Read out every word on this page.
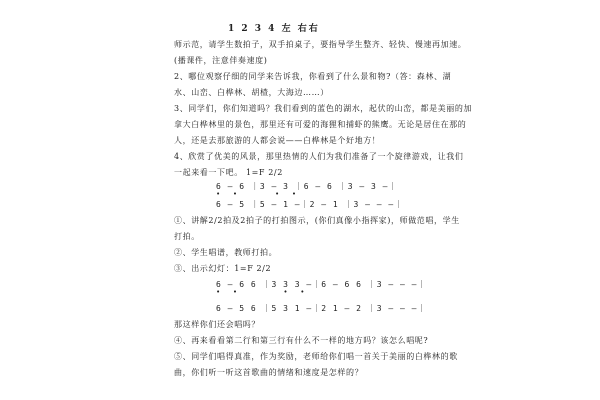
1 2 3 4 左 右右
师示范，请学生数拍子，双手拍桌子，要指导学生整齐、轻快、慢速再加速。
(播课件，注意伴奏速度)
2、哪位观察仔细的同学来告诉我，你看到了什么景和物?（答：森林、湖
水、山峦、白桦林、胡楂，大海边……）
3、同学们，你们知道吗？我们看到的蓝色的湖水，起伏的山峦，都是美丽的加
拿大白桦林里的景色，那里还有可爱的海狸和捕虾的熊鹰。无论是居住在那的
人，还是去那旅游的人都会说——白桦林是个好地方！
4、欣赏了优美的风景，那里热情的人们为我们准备了一个旋律游戏，让我们
一起来看一下吧。 1=F 2/2
6 — 6 ｜3 — 3 ｜6 — 6 ｜3 — 3 —｜
•   •         •   •
6 — 5 ｜5 — 1 —｜2 — 1 ｜3 — — —｜
①、讲解2/2拍及2拍子的打拍图示，(你们真像小指挥家)，师做范唱，学生
打拍。
②、学生唱谱，教师打拍。
③、出示幻灯：1=F 2/2
6 — 6 6 ｜3 3 3 —｜6 — 6 6 ｜3 — — —｜
•   •           •   •
6 — 5 6 ｜5 3 1 —｜2 1 — 2 ｜3 — — —｜
那这样你们还会唱吗？
④、再来看看第二行和第三行有什么不一样的地方吗？该怎么唱呢?
⑤、同学们唱得真准，作为奖励，老师给你们唱一首关于美丽的白桦林的歌
曲，你们听一听这首歌曲的情绪和速度是怎样的？
